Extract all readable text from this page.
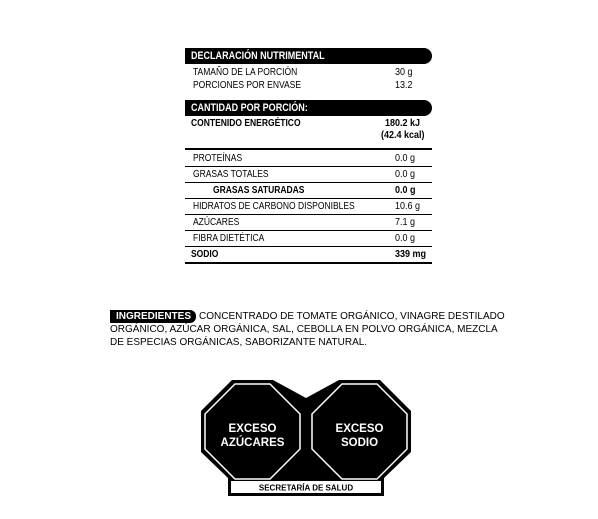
DECLARACIÓN NUTRIMENTAL
TAMAÑO DE LA PORCIÓN	30 g
PORCIONES POR ENVASE	13.2
CANTIDAD POR PORCIÓN:
CONTENIDO ENERGÉTICO	180.2 kJ
(42.4 kcal)
PROTEÍNAS	0.0 g
GRASAS TOTALES	0.0 g
GRASAS SATURADAS	0.0 g
HIDRATOS DE CARBONO DISPONIBLES	10.6 g
AZÚCARES	7.1 g
FIBRA DIETÉTICA	0.0 g
SODIO	339 mg
INGREDIENTES CONCENTRADO DE TOMATE ORGÁNICO, VINAGRE DESTILADO ORGÁNICO, AZÚCAR ORGÁNICA, SAL, CEBOLLA EN POLVO ORGÁNICA, MEZCLA DE ESPECIAS ORGÁNICAS, SABORIZANTE NATURAL.
EXCESO
AZÚCARES
EXCESO
SODIO
SECRETARÍA DE SALUD
